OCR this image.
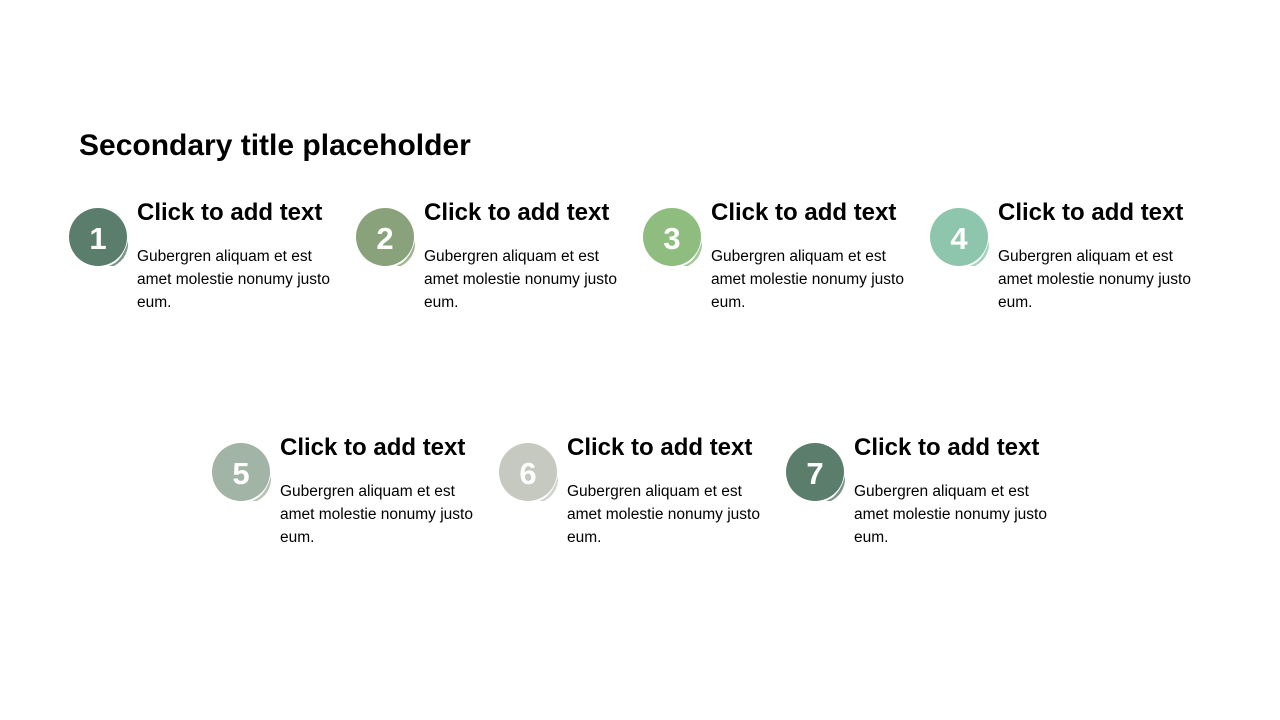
Secondary title placeholder
1
Click to add text

Gubergren aliquam et est amet molestie nonumy justo eum.

2
Click to add text

Gubergren aliquam et est amet molestie nonumy justo eum.

3
Click to add text

Gubergren aliquam et est amet molestie nonumy justo eum.

4
Click to add text

Gubergren aliquam et est amet molestie nonumy justo eum.

5
Click to add text

Gubergren aliquam et est amet molestie nonumy justo eum.

6
Click to add text

Gubergren aliquam et est amet molestie nonumy justo eum.

7
Click to add text

Gubergren aliquam et est amet molestie nonumy justo eum.
